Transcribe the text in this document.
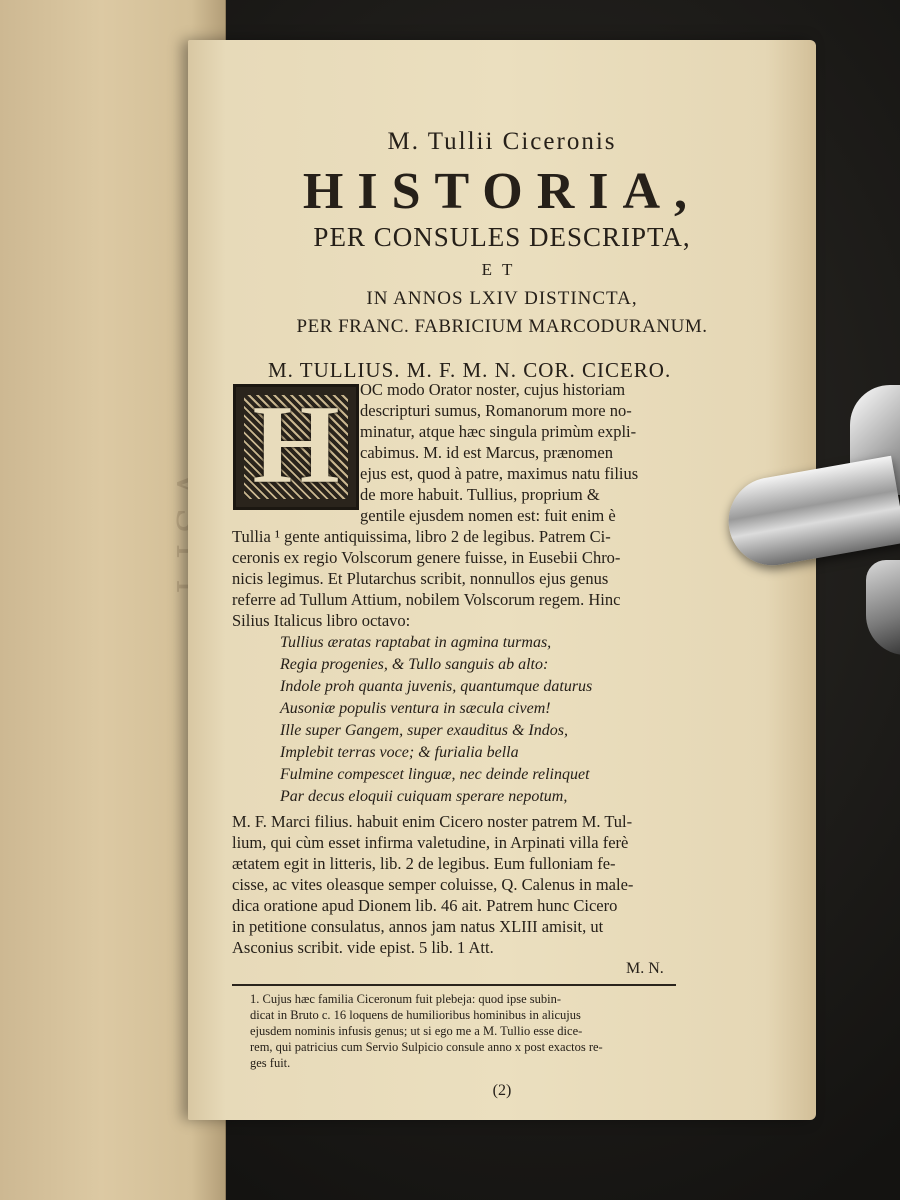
M. Tullii Ciceronis
HISTORIA,
PER CONSULES DESCRIPTA,
ET
IN ANNOS LXIV DISTINCTA,
PER FRANC. FABRICIUM MARCODURANUM.
M. TULLIUS. M. F. M. N. COR. CICERO.
H	OC modo Orator noster, cujus historiam
descripturi sumus, Romanorum more no-
minatur, atque hæc singula primùm expli-
cabimus. M. id est Marcus, prænomen
ejus est, quod à patre, maximus natu filius
de more habuit. Tullius, proprium &
gentile ejusdem nomen est: fuit enim è
Tullia ¹ gente antiquissima, libro 2 de legibus. Patrem Ci-
ceronis ex regio Volscorum genere fuisse, in Eusebii Chro-
nicis legimus. Et Plutarchus scribit, nonnullos ejus genus
referre ad Tullum Attium, nobilem Volscorum regem. Hinc
Silius Italicus libro octavo:
Tullius æratas raptabat in agmina turmas,
Regia progenies, & Tullo sanguis ab alto:
Indole proh quanta juvenis, quantumque daturus
Ausoniæ populis ventura in sæcula civem!
Ille super Gangem, super exauditus & Indos,
Implebit terras voce; & furialia bella
Fulmine compescet linguæ, nec deinde relinquet
Par decus eloquii cuiquam sperare nepotum,
M. F. Marci filius. habuit enim Cicero noster patrem M. Tul-
lium, qui cùm esset infirma valetudine, in Arpinati villa ferè
ætatem egit in litteris, lib. 2 de legibus. Eum fulloniam fe-
cisse, ac vites oleasque semper coluisse, Q. Calenus in male-
dica oratione apud Dionem lib. 46 ait. Patrem hunc Cicero
in petitione consulatus, annos jam natus XLIII amisit, ut
Asconius scribit. vide epist. 5 lib. 1 Att.
M. N.
1. Cujus hæc familia Ciceronum fuit plebeja: quod ipse subin-
dicat in Bruto c. 16 loquens de humilioribus hominibus in alicujus
ejusdem nominis infusis genus; ut si ego me a M. Tullio esse dice-
rem, qui patricius cum Servio Sulpicio consule anno x post exactos re-
ges fuit.
(2)
